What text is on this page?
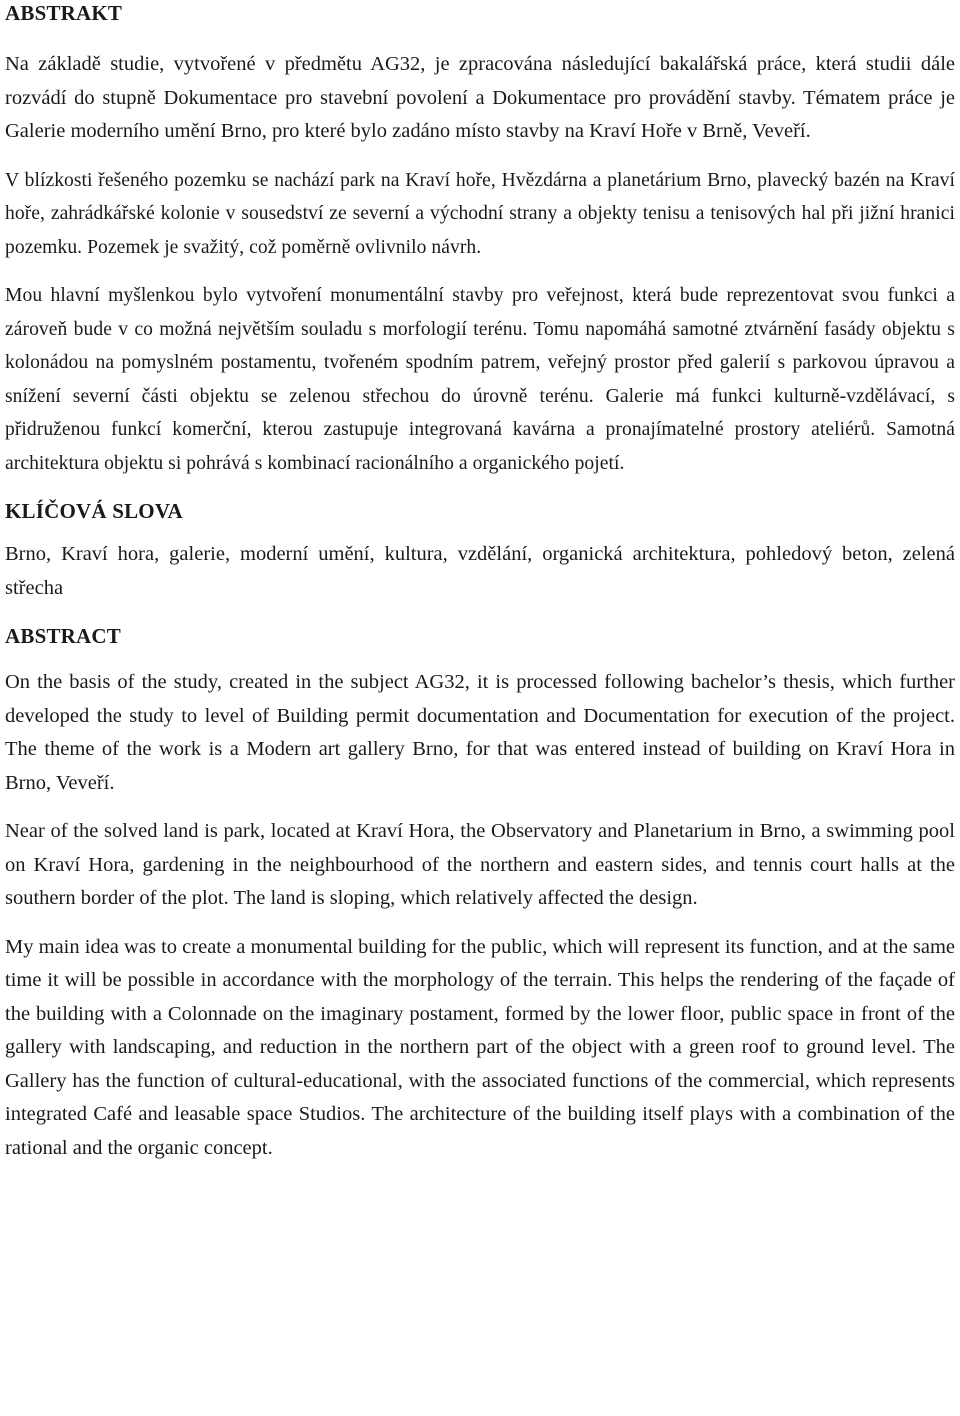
ABSTRAKT

Na základě studie, vytvořené v předmětu AG32, je zpracována následující bakalářská práce, která studii dále rozvádí do stupně Dokumentace pro stavební povolení a Dokumentace pro provádění stavby. Tématem práce je Galerie moderního umění Brno, pro které bylo zadáno místo stavby na Kraví Hoře v Brně, Veveří.

V blízkosti řešeného pozemku se nachází park na Kraví hoře, Hvězdárna a planetárium Brno, plavecký bazén na Kraví hoře, zahrádkářské kolonie v sousedství ze severní a východní strany a objekty tenisu a tenisových hal při jižní hranici pozemku. Pozemek je svažitý, což poměrně ovlivnilo návrh.

Mou hlavní myšlenkou bylo vytvoření monumentální stavby pro veřejnost, která bude reprezentovat svou funkci a zároveň bude v co možná největším souladu s morfologií terénu. Tomu napomáhá samotné ztvárnění fasády objektu s kolonádou na pomyslném postamentu, tvořeném spodním patrem, veřejný prostor před galerií s parkovou úpravou a snížení severní části objektu se zelenou střechou do úrovně terénu. Galerie má funkci kulturně-vzdělávací, s přidruženou funkcí komerční, kterou zastupuje integrovaná kavárna a pronajímatelné prostory ateliérů. Samotná architektura objektu si pohrává s kombinací racionálního a organického pojetí.

KLÍČOVÁ SLOVA

Brno, Kraví hora, galerie, moderní umění, kultura, vzdělání, organická architektura, pohledový beton, zelená střecha

ABSTRACT

On the basis of the study, created in the subject AG32, it is processed following bachelor’s thesis, which further developed the study to level of Building permit documentation and Documentation for execution of the project. The theme of the work is a Modern art gallery Brno, for that was entered instead of building on Kraví Hora in Brno, Veveří.

Near of the solved land is park, located at Kraví Hora, the Observatory and Planetarium in Brno, a swimming pool on Kraví Hora, gardening in the neighbourhood of the northern and eastern sides, and tennis court halls at the southern border of the plot. The land is sloping, which relatively affected the design.

My main idea was to create a monumental building for the public, which will represent its function, and at the same time it will be possible in accordance with the morphology of the terrain. This helps the rendering of the façade of the building with a Colonnade on the imaginary postament, formed by the lower floor, public space in front of the gallery with landscaping, and reduction in the northern part of the object with a green roof to ground level. The Gallery has the function of cultural-educational, with the associated functions of the commercial, which represents integrated Café and leasable space Studios. The architecture of the building itself plays with a combination of the rational and the organic concept.
